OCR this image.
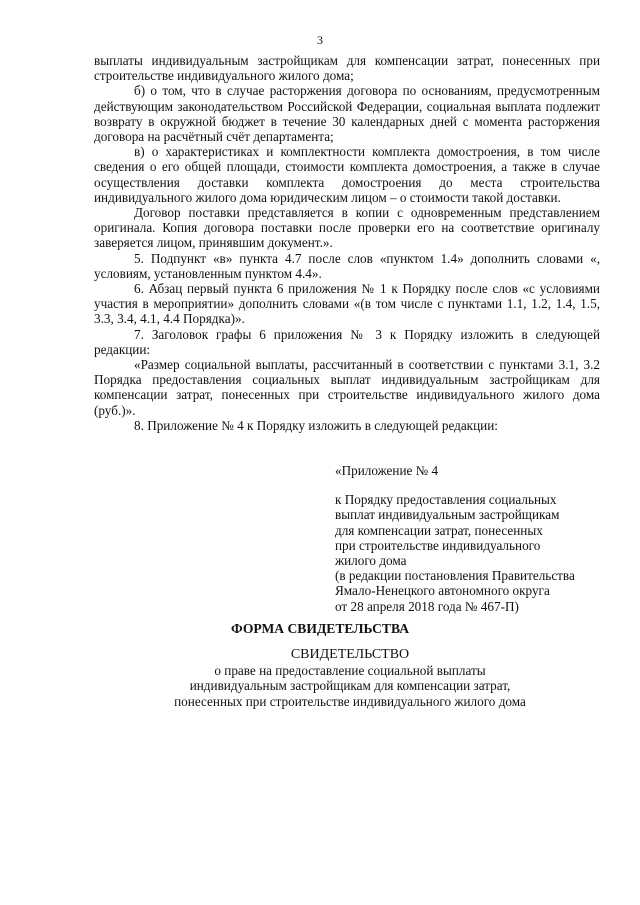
3

выплаты индивидуальным застройщикам для компенсации затрат, понесенных при строительстве индивидуального жилого дома;

б) о том, что в случае расторжения договора по основаниям, предусмотренным действующим законодательством Российской Федерации, социальная выплата подлежит возврату в окружной бюджет в течение 30 календарных дней с момента расторжения договора на расчётный счёт департамента;

в) о характеристиках и комплектности комплекта домостроения, в том числе сведения о его общей площади, стоимости комплекта домостроения, а также в случае осуществления доставки комплекта домостроения до места строительства индивидуального жилого дома юридическим лицом – о стоимости такой доставки.

Договор поставки представляется в копии с одновременным представлением оригинала. Копия договора поставки после проверки его на соответствие оригиналу заверяется лицом, принявшим документ.».

5. Подпункт «в» пункта 4.7 после слов «пунктом 1.4» дополнить словами «, условиям, установленным пунктом 4.4».

6. Абзац первый пункта 6 приложения № 1 к Порядку после слов «с условиями участия в мероприятии» дополнить словами «(в том числе с пунктами 1.1, 1.2, 1.4, 1.5, 3.3, 3.4, 4.1, 4.4 Порядка)».

7. Заголовок графы 6 приложения № 3 к Порядку изложить в следующей редакции:

«Размер социальной выплаты, рассчитанный в соответствии с пунктами 3.1, 3.2 Порядка предоставления социальных выплат индивидуальным застройщикам для компенсации затрат, понесенных при строительстве индивидуального жилого дома (руб.)».

8. Приложение № 4 к Порядку изложить в следующей редакции:

«Приложение № 4
к Порядку предоставления социальных
выплат индивидуальным застройщикам
для компенсации затрат, понесенных
при строительстве индивидуального
жилого дома
(в редакции постановления Правительства
Ямало-Ненецкого автономного округа
от 28 апреля 2018 года № 467-П)
ФОРМА СВИДЕТЕЛЬСТВА
СВИДЕТЕЛЬСТВО
о праве на предоставление социальной выплаты
индивидуальным застройщикам для компенсации затрат,
понесенных при строительстве индивидуального жилого дома
